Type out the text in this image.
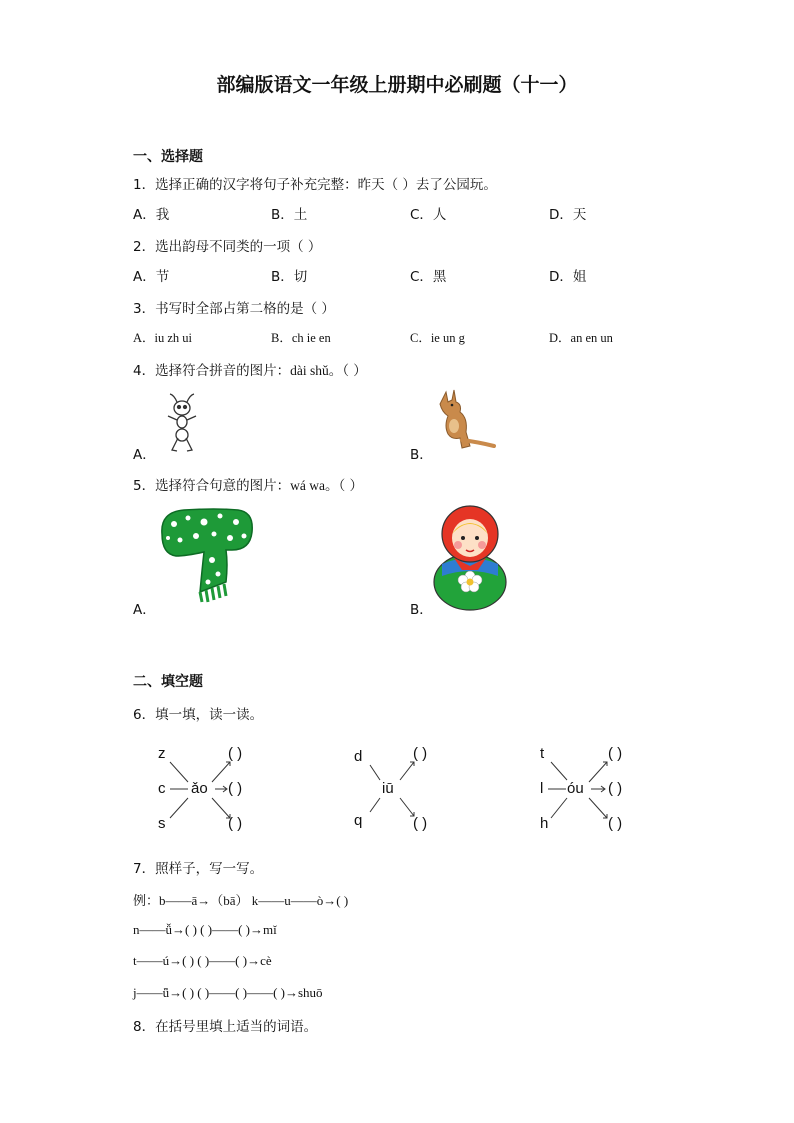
部编版语文一年级上册期中必刷题（十一）
一、选择题
1．选择正确的汉字将句子补充完整：昨天（ ）去了公园玩。
A．我	B．土	C．人	D．天
2．选出韵母不同类的一项（ ）
A．节	B．切	C．黑	D．姐
3．书写时全部占第二格的是（ ）
A．iu zh ui	B．ch ie en	C．ie un g	D．an en un
4．选择符合拼音的图片：dài shǔ。（ ）
A．	B．
5．选择符合句意的图片：wá wa。（ ）
A．	B．
二、填空题
6．填一填，读一读。
z
c
s
ǎo
( )
( )
( )
d
q
iū
( )
( )
t
l
h
óu
( )
( )
( )
7．照样子，写一写。
例：b——ā→（bā） k——u——ò→( )
n——ǚ→( ) ( )——( )→mǐ
t——ú→( ) ( )——( )→cè
j——ǖ→( ) ( )——( )——( )→shuō
8．在括号里填上适当的词语。
